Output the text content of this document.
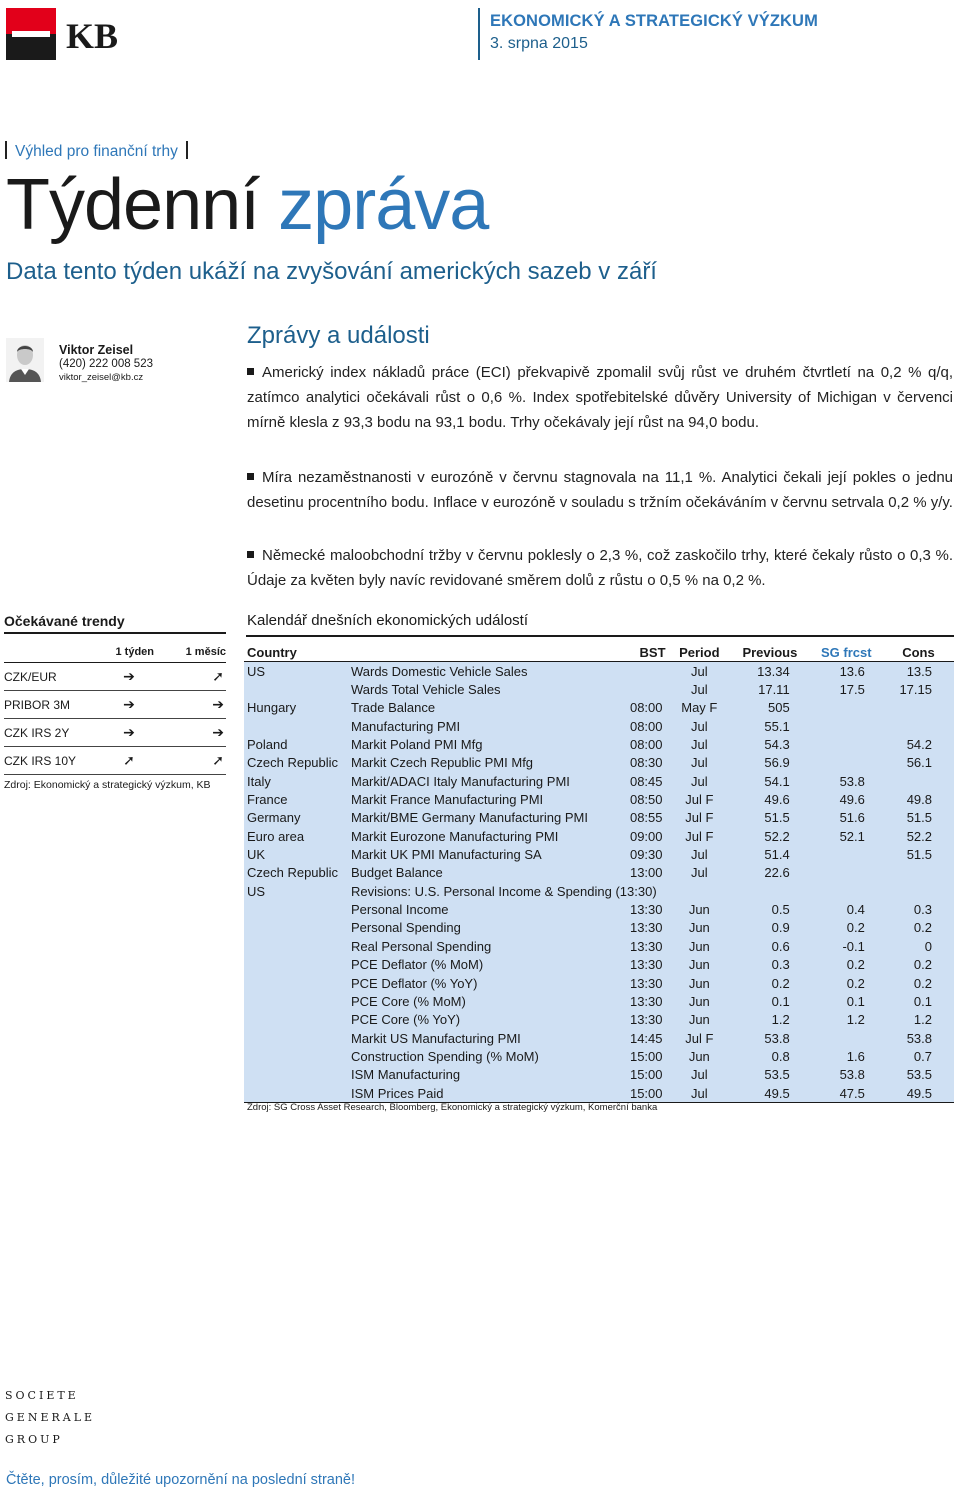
KB	EKONOMICKÝ A STRATEGICKÝ VÝZKUM
3. srpna 2015
Výhled pro finanční trhy
Týdenní zpráva
Data tento týden ukáží na zvyšování amerických sazeb v září
Viktor Zeisel
(420) 222 008 523
viktor_zeisel@kb.cz
Zprávy a události
Americký index nákladů práce (ECI) překvapivě zpomalil svůj růst ve druhém čtvrtletí na 0,2 % q/q, zatímco analytici očekávali růst o 0,6 %. Index spotřebitelské důvěry University of Michigan v červenci mírně klesla z 93,3 bodu na 93,1 bodu. Trhy očekávaly její růst na 94,0 bodu.
Míra nezaměstnanosti v eurozóně v červnu stagnovala na 11,1 %. Analytici čekali její pokles o jednu desetinu procentního bodu. Inflace v eurozóně v souladu s tržním očekáváním v červnu setrvala 0,2 % y/y.
Německé maloobchodní tržby v červnu poklesly o 2,3 %, což zaskočilo trhy, které čekaly růsto o 0,3 %. Údaje za květen byly navíc revidované směrem dolů z růstu o 0,5 % na 0,2 %.
Očekávané trendy
	1 týden	1 měsíc
CZK/EUR	➔	➚
PRIBOR 3M	➔	➔
CZK IRS 2Y	➔	➔
CZK IRS 10Y	➚	➚
Zdroj: Ekonomický a strategický výzkum, KB
Kalendář dnešních ekonomických událostí
Country		BST	Period	Previous	SG frcst	Cons
US	Wards Domestic Vehicle Sales		Jul	13.34	13.6	13.5
	Wards Total Vehicle Sales		Jul	17.11	17.5	17.15
Hungary	Trade Balance	08:00	May F	505		
	Manufacturing PMI	08:00	Jul	55.1		
Poland	Markit Poland PMI Mfg	08:00	Jul	54.3		54.2
Czech Republic	Markit Czech Republic PMI Mfg	08:30	Jul	56.9		56.1
Italy	Markit/ADACI Italy Manufacturing PMI	08:45	Jul	54.1	53.8	
France	Markit France Manufacturing PMI	08:50	Jul F	49.6	49.6	49.8
Germany	Markit/BME Germany Manufacturing PMI	08:55	Jul F	51.5	51.6	51.5
Euro area	Markit Eurozone Manufacturing PMI	09:00	Jul F	52.2	52.1	52.2
UK	Markit UK PMI Manufacturing SA	09:30	Jul	51.4		51.5
Czech Republic	Budget Balance	13:00	Jul	22.6		
US	Revisions: U.S. Personal Income & Spending (13:30)					
	Personal Income	13:30	Jun	0.5	0.4	0.3
	Personal Spending	13:30	Jun	0.9	0.2	0.2
	Real Personal Spending	13:30	Jun	0.6	-0.1	0
	PCE Deflator (% MoM)	13:30	Jun	0.3	0.2	0.2
	PCE Deflator (% YoY)	13:30	Jun	0.2	0.2	0.2
	PCE Core (% MoM)	13:30	Jun	0.1	0.1	0.1
	PCE Core (% YoY)	13:30	Jun	1.2	1.2	1.2
	Markit US Manufacturing PMI	14:45	Jul F	53.8		53.8
	Construction Spending (% MoM)	15:00	Jun	0.8	1.6	0.7
	ISM Manufacturing	15:00	Jul	53.5	53.8	53.5
	ISM Prices Paid	15:00	Jul	49.5	47.5	49.5
Zdroj: SG Cross Asset Research, Bloomberg, Ekonomický a strategický výzkum, Komerční banka
SOCIETE
GENERALE
GROUP
Čtěte, prosím, důležité upozornění na poslední straně!
